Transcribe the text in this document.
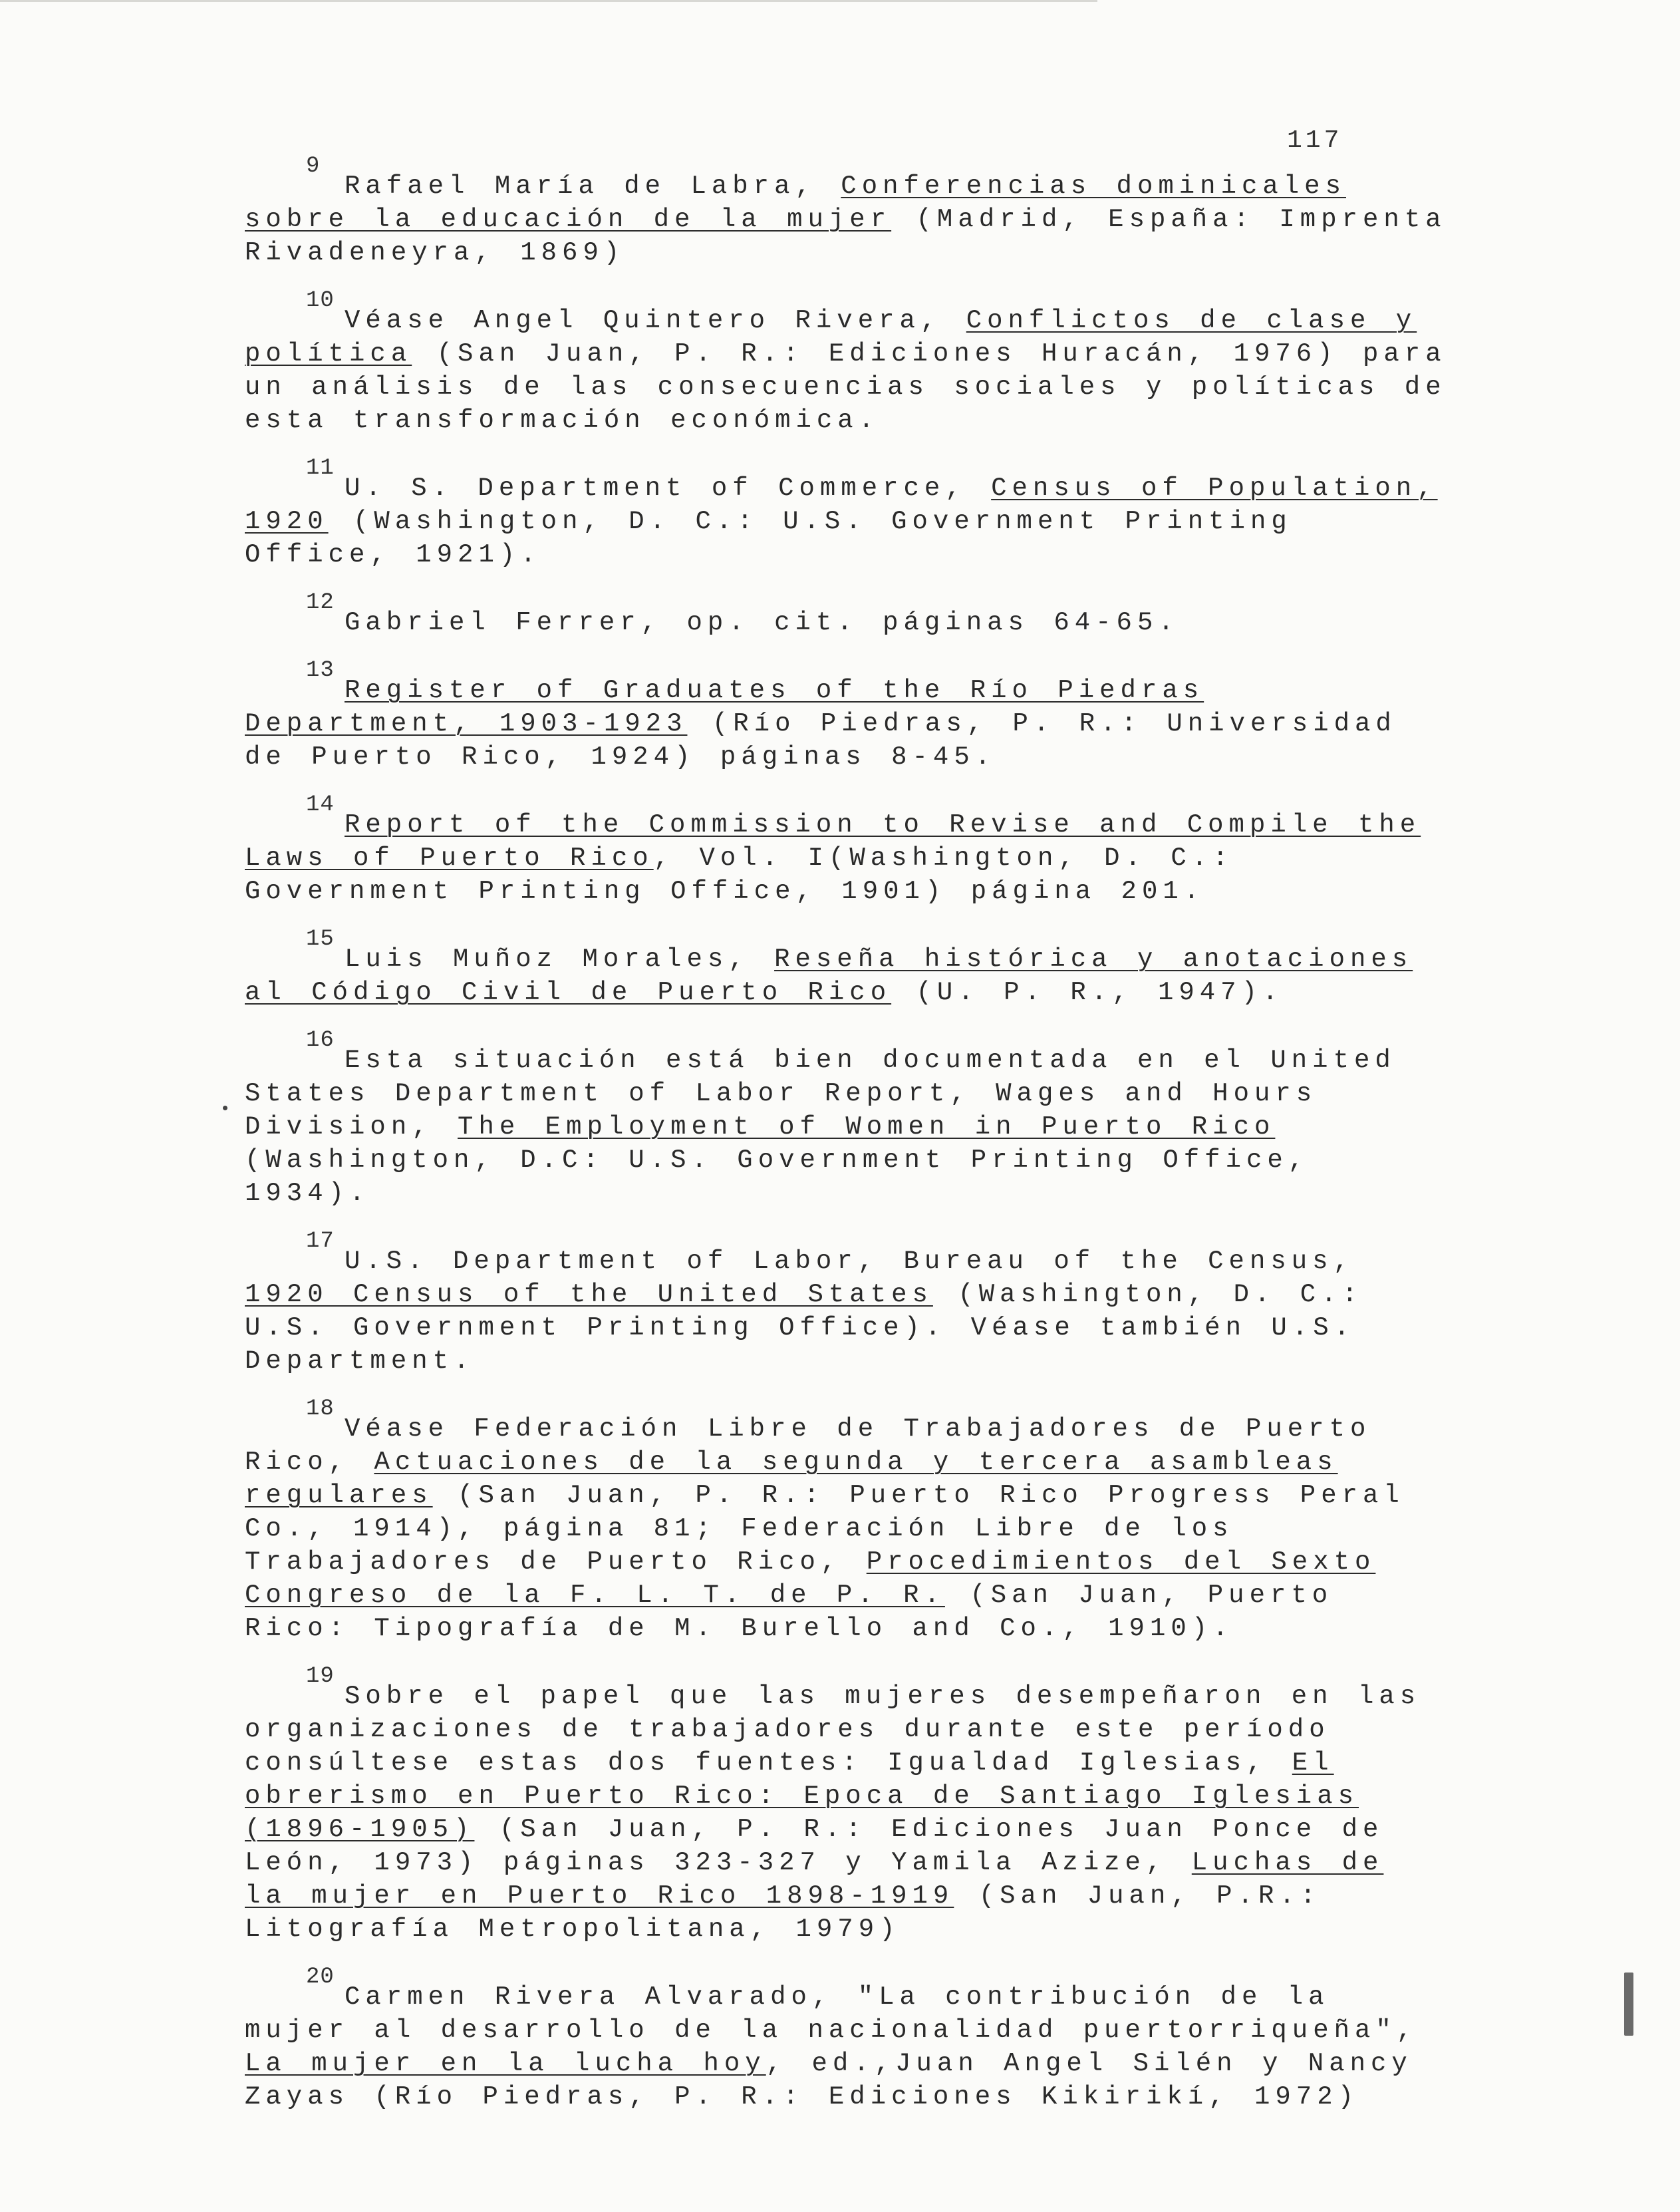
117
9

Rafael María de Labra, Conferencias dominicales sobre la educación de la mujer (Madrid, España: Imprenta Rivadeneyra, 1869)

10

Véase Angel Quintero Rivera, Conflictos de clase y política (San Juan, P. R.: Ediciones Huracán, 1976) para un análisis de las consecuencias sociales y políticas de esta transformación económica.

11

U. S. Department of Commerce, Census of Population, 1920 (Washington, D. C.: U.S. Government Printing Office, 1921).

12

Gabriel Ferrer, op. cit. páginas 64-65.

13

Register of Graduates of the Río Piedras Department, 1903-1923 (Río Piedras, P. R.: Universidad de Puerto Rico, 1924) páginas 8-45.

14

Report of the Commission to Revise and Compile the Laws of Puerto Rico, Vol. I(Washington, D. C.: Government Printing Office, 1901) página 201.

15

Luis Muñoz Morales, Reseña histórica y anotaciones al Código Civil de Puerto Rico (U. P. R., 1947).

16

Esta situación está bien documentada en el United States Department of Labor Report, Wages and Hours Division, The Employment of Women in Puerto Rico (Washington, D.C: U.S. Government Printing Office, 1934).

17

U.S. Department of Labor, Bureau of the Census, 1920 Census of the United States (Washington, D. C.: U.S. Government Printing Office). Véase también U.S. Department.

18

Véase Federación Libre de Trabajadores de Puerto Rico, Actuaciones de la segunda y tercera asambleas regulares (San Juan, P. R.: Puerto Rico Progress Peral Co., 1914), página 81; Federación Libre de los Trabajadores de Puerto Rico, Procedimientos del Sexto Congreso de la F. L. T. de P. R. (San Juan, Puerto Rico: Tipografía de M. Burello and Co., 1910).

19

Sobre el papel que las mujeres desempeñaron en las organizaciones de trabajadores durante este período consúltese estas dos fuentes: Igualdad Iglesias, El obrerismo en Puerto Rico: Epoca de Santiago Iglesias (1896-1905) (San Juan, P. R.: Ediciones Juan Ponce de León, 1973) páginas 323-327 y Yamila Azize, Luchas de la mujer en Puerto Rico 1898-1919 (San Juan, P.R.: Litografía Metropolitana, 1979)

20

Carmen Rivera Alvarado, "La contribución de la mujer al desarrollo de la nacionalidad puertorriqueña", La mujer en la lucha hoy, ed.,Juan Angel Silén y Nancy Zayas (Río Piedras, P. R.: Ediciones Kikirikí, 1972)
